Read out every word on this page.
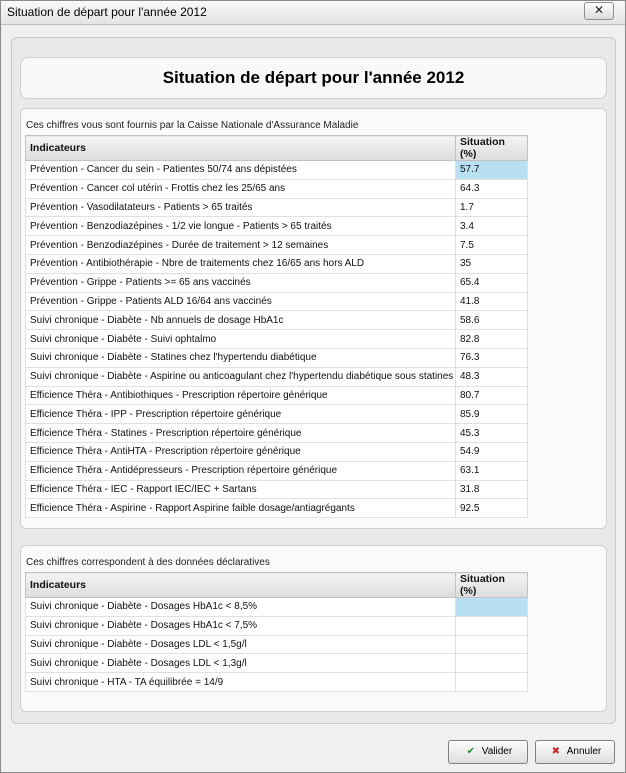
Situation de départ pour l'année 2012	✕
Situation de départ pour l'année 2012
Ces chiffres vous sont fournis par la Caisse Nationale d'Assurance Maladie
Indicateurs	Situation (%)
Prévention - Cancer du sein - Patientes 50/74 ans dépistées	57.7
Prévention - Cancer col utérin - Frottis chez les 25/65 ans	64.3
Prévention - Vasodilatateurs - Patients > 65 traités	1.7
Prévention - Benzodiazépines - 1/2 vie longue - Patients > 65 traités	3.4
Prévention - Benzodiazépines - Durée de traitement > 12 semaines	7.5
Prévention - Antibiothérapie - Nbre de traitements chez 16/65 ans hors ALD	35
Prévention - Grippe - Patients >= 65 ans vaccinés	65.4
Prévention - Grippe - Patients ALD 16/64 ans vaccinés	41.8
Suivi chronique - Diabète - Nb annuels de dosage HbA1c	58.6
Suivi chronique - Diabète - Suivi ophtalmo	82.8
Suivi chronique - Diabète - Statines chez l'hypertendu diabétique	76.3
Suivi chronique - Diabète - Aspirine ou anticoagulant chez l'hypertendu diabétique sous statines	48.3
Efficience Théra - Antibiothiques - Prescription répertoire générique	80.7
Efficience Théra - IPP - Prescription répertoire générique	85.9
Efficience Théra - Statines - Prescription répertoire générique	45.3
Efficience Théra - AntiHTA - Prescription répertoire générique	54.9
Efficience Théra - Antidépresseurs - Prescription répertoire générique	63.1
Efficience Théra - IEC - Rapport IEC/IEC + Sartans	31.8
Efficience Théra - Aspirine - Rapport Aspirine faible dosage/antiagrégants	92.5
Ces chiffres correspondent à des données déclaratives
Indicateurs	Situation (%)
Suivi chronique - Diabète - Dosages HbA1c < 8,5%	
Suivi chronique - Diabète - Dosages HbA1c < 7,5%	
Suivi chronique - Diabète - Dosages LDL < 1,5g/l	
Suivi chronique - Diabète - Dosages LDL < 1,3g/l	
Suivi chronique - HTA - TA équilibrée = 14/9	
✔ Valider	✖ Annuler
